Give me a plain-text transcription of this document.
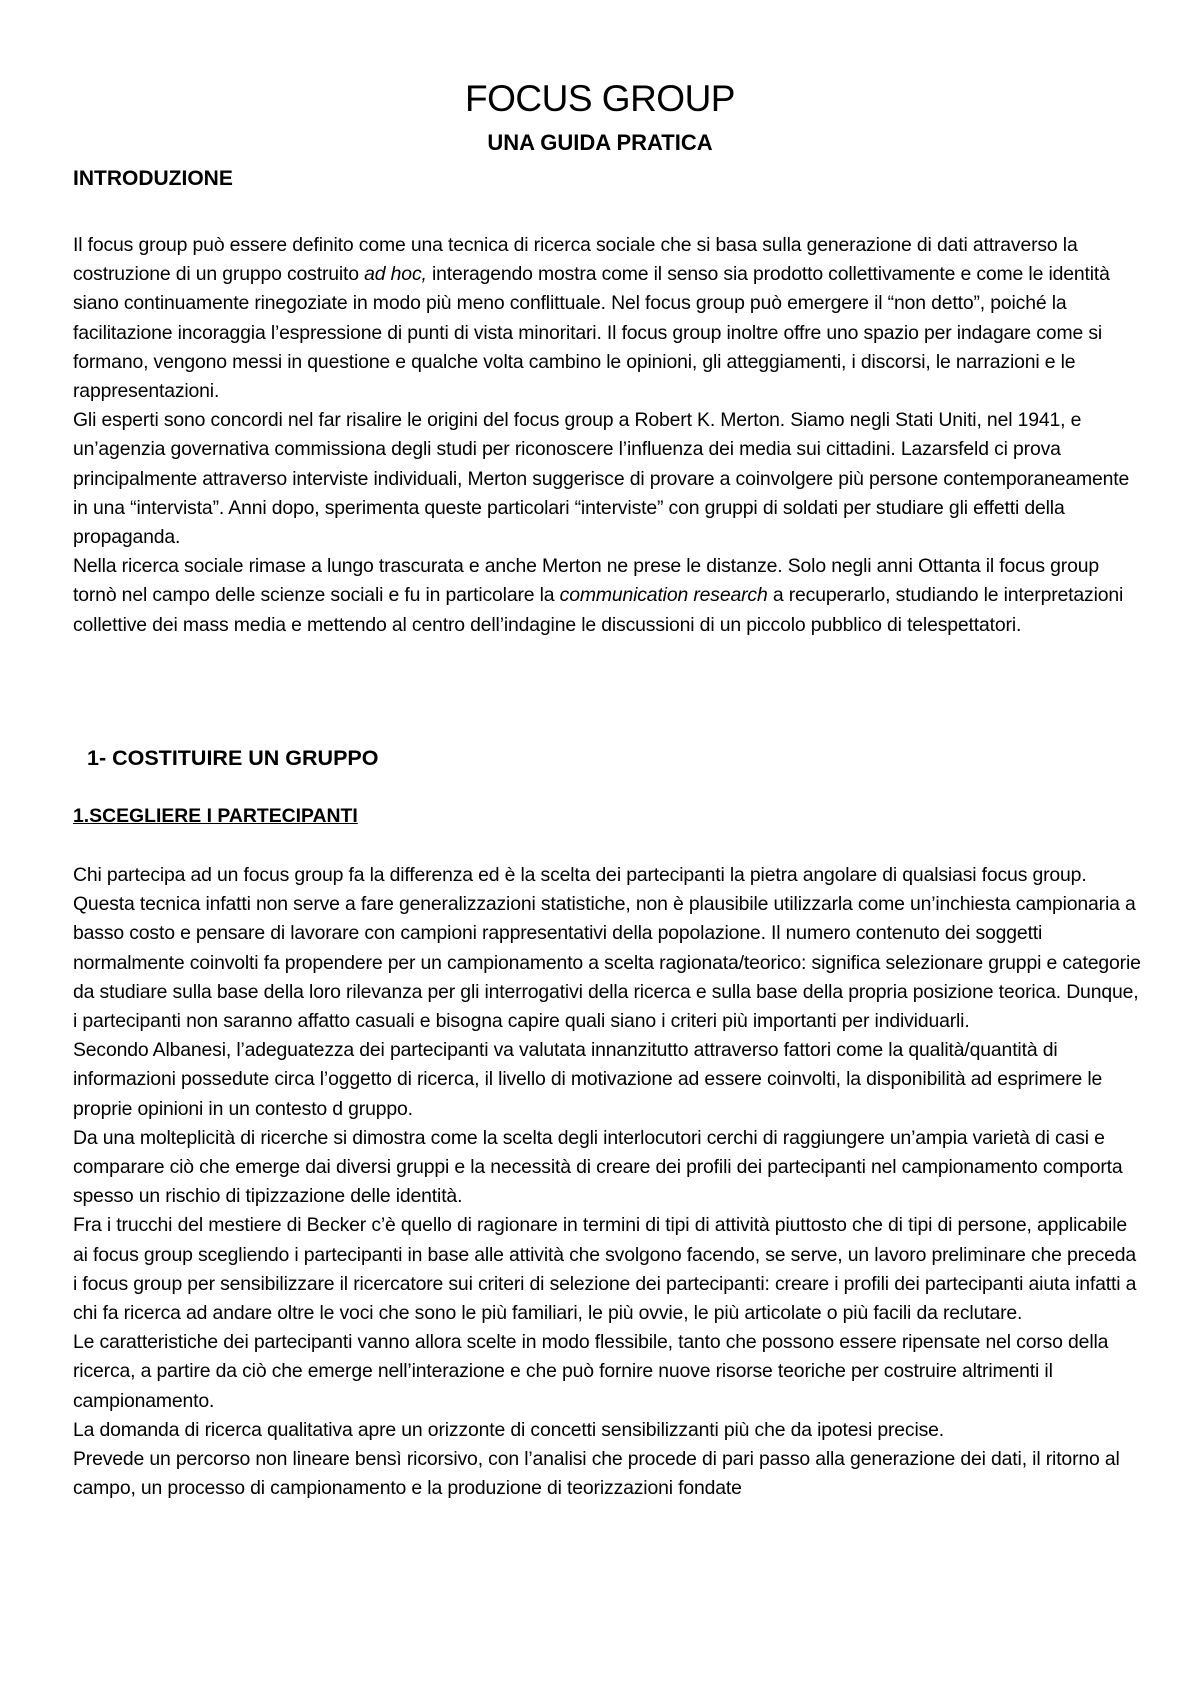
FOCUS GROUP
UNA GUIDA PRATICA
INTRODUZIONE

Il focus group può essere definito come una tecnica di ricerca sociale che si basa sulla generazione di dati attraverso la costruzione di un gruppo costruito ad hoc, interagendo mostra come il senso sia prodotto collettivamente e come le identità siano continuamente rinegoziate in modo più meno conflittuale. Nel focus group può emergere il “non detto”, poiché la facilitazione incoraggia l’espressione di punti di vista minoritari. Il focus group inoltre offre uno spazio per indagare come si formano, vengono messi in questione e qualche volta cambino le opinioni, gli atteggiamenti, i discorsi, le narrazioni e le rappresentazioni.

Gli esperti sono concordi nel far risalire le origini del focus group a Robert K. Merton. Siamo negli Stati Uniti, nel 1941, e un’agenzia governativa commissiona degli studi per riconoscere l’influenza dei media sui cittadini. Lazarsfeld ci prova principalmente attraverso interviste individuali, Merton suggerisce di provare a coinvolgere più persone contemporaneamente in una “intervista”. Anni dopo, sperimenta queste particolari “interviste” con gruppi di soldati per studiare gli effetti della propaganda.

Nella ricerca sociale rimase a lungo trascurata e anche Merton ne prese le distanze. Solo negli anni Ottanta il focus group tornò nel campo delle scienze sociali e fu in particolare la communication research a recuperarlo, studiando le interpretazioni collettive dei mass media e mettendo al centro dell’indagine le discussioni di un piccolo pubblico di telespettatori.

1- COSTITUIRE UN GRUPPO
1.SCEGLIERE I PARTECIPANTI

Chi partecipa ad un focus group fa la differenza ed è la scelta dei partecipanti la pietra angolare di qualsiasi focus group.

Questa tecnica infatti non serve a fare generalizzazioni statistiche, non è plausibile utilizzarla come un’inchiesta campionaria a basso costo e pensare di lavorare con campioni rappresentativi della popolazione. Il numero contenuto dei soggetti normalmente coinvolti fa propendere per un campionamento a scelta ragionata/teorico: significa selezionare gruppi e categorie da studiare sulla base della loro rilevanza per gli interrogativi della ricerca e sulla base della propria posizione teorica. Dunque, i partecipanti non saranno affatto casuali e bisogna capire quali siano i criteri più importanti per individuarli.

Secondo Albanesi, l’adeguatezza dei partecipanti va valutata innanzitutto attraverso fattori come la qualità/quantità di informazioni possedute circa l’oggetto di ricerca, il livello di motivazione ad essere coinvolti, la disponibilità ad esprimere le proprie opinioni in un contesto d gruppo.

Da una molteplicità di ricerche si dimostra come la scelta degli interlocutori cerchi di raggiungere un’ampia varietà di casi e comparare ciò che emerge dai diversi gruppi e la necessità di creare dei profili dei partecipanti nel campionamento comporta spesso un rischio di tipizzazione delle identità.

Fra i trucchi del mestiere di Becker c’è quello di ragionare in termini di tipi di attività piuttosto che di tipi di persone, applicabile ai focus group scegliendo i partecipanti in base alle attività che svolgono facendo, se serve, un lavoro preliminare che preceda i focus group per sensibilizzare il ricercatore sui criteri di selezione dei partecipanti: creare i profili dei partecipanti aiuta infatti a chi fa ricerca ad andare oltre le voci che sono le più familiari, le più ovvie, le più articolate o più facili da reclutare.

Le caratteristiche dei partecipanti vanno allora scelte in modo flessibile, tanto che possono essere ripensate nel corso della ricerca, a partire da ciò che emerge nell’interazione e che può fornire nuove risorse teoriche per costruire altrimenti il campionamento.

La domanda di ricerca qualitativa apre un orizzonte di concetti sensibilizzanti più che da ipotesi precise.

Prevede un percorso non lineare bensì ricorsivo, con l’analisi che procede di pari passo alla generazione dei dati, il ritorno al campo, un processo di campionamento e la produzione di teorizzazioni fondate
